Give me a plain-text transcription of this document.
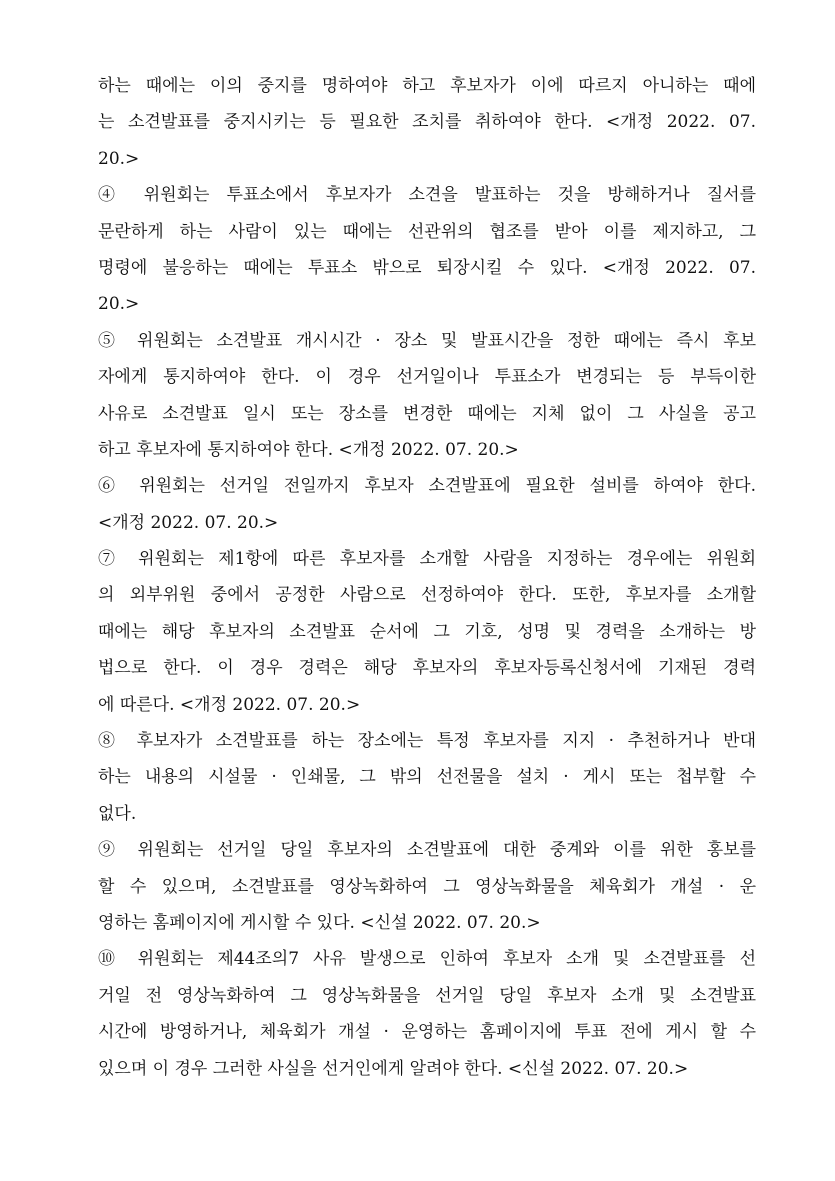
하는 때에는 이의 중지를 명하여야 하고 후보자가 이에 따르지 아니하는 때에
는 소견발표를 중지시키는 등 필요한 조치를 취하여야 한다. <개정 2022. 07.
20.>
④ 위원회는 투표소에서 후보자가 소견을 발표하는 것을 방해하거나 질서를
문란하게 하는 사람이 있는 때에는 선관위의 협조를 받아 이를 제지하고, 그
명령에 불응하는 때에는 투표소 밖으로 퇴장시킬 수 있다. <개정 2022. 07.
20.>
⑤ 위원회는 소견발표 개시시간 · 장소 및 발표시간을 정한 때에는 즉시 후보
자에게 통지하여야 한다. 이 경우 선거일이나 투표소가 변경되는 등 부득이한
사유로 소견발표 일시 또는 장소를 변경한 때에는 지체 없이 그 사실을 공고
하고 후보자에 통지하여야 한다. <개정 2022. 07. 20.>
⑥ 위원회는 선거일 전일까지 후보자 소견발표에 필요한 설비를 하여야 한다.
<개정 2022. 07. 20.>
⑦ 위원회는 제1항에 따른 후보자를 소개할 사람을 지정하는 경우에는 위원회
의 외부위원 중에서 공정한 사람으로 선정하여야 한다. 또한, 후보자를 소개할
때에는 해당 후보자의 소견발표 순서에 그 기호, 성명 및 경력을 소개하는 방
법으로 한다. 이 경우 경력은 해당 후보자의 후보자등록신청서에 기재된 경력
에 따른다. <개정 2022. 07. 20.>
⑧ 후보자가 소견발표를 하는 장소에는 특정 후보자를 지지 · 추천하거나 반대
하는 내용의 시설물 · 인쇄물, 그 밖의 선전물을 설치 · 게시 또는 첩부할 수
없다.
⑨ 위원회는 선거일 당일 후보자의 소견발표에 대한 중계와 이를 위한 홍보를
할 수 있으며, 소견발표를 영상녹화하여 그 영상녹화물을 체육회가 개설 · 운
영하는 홈페이지에 게시할 수 있다. <신설 2022. 07. 20.>
⑩ 위원회는 제44조의7 사유 발생으로 인하여 후보자 소개 및 소견발표를 선
거일 전 영상녹화하여 그 영상녹화물을 선거일 당일 후보자 소개 및 소견발표
시간에 방영하거나, 체육회가 개설 · 운영하는 홈페이지에 투표 전에 게시 할 수
있으며 이 경우 그러한 사실을 선거인에게 알려야 한다. <신설 2022. 07. 20.>
